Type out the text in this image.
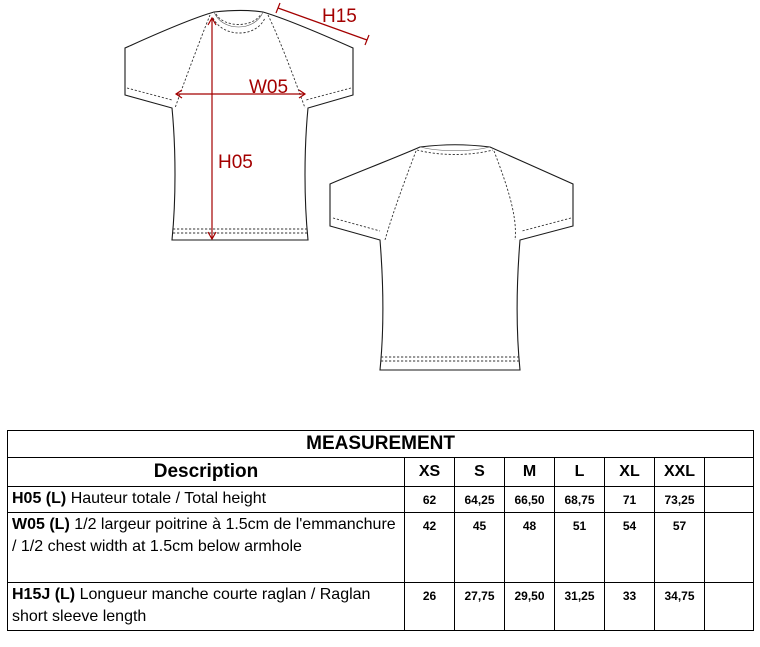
H15
W05
H05
MEASUREMENT							
Description	XS	S	M	L	XL	XXL	
H05 (L) Hauteur totale / Total height	62	64,25	66,50	68,75	71	73,25	
W05 (L) 1/2 largeur poitrine à 1.5cm de l'emmanchure / 1/2 chest width at 1.5cm below armhole	42	45	48	51	54	57	
H15J (L) Longueur manche courte raglan / Raglan short sleeve length	26	27,75	29,50	31,25	33	34,75	
